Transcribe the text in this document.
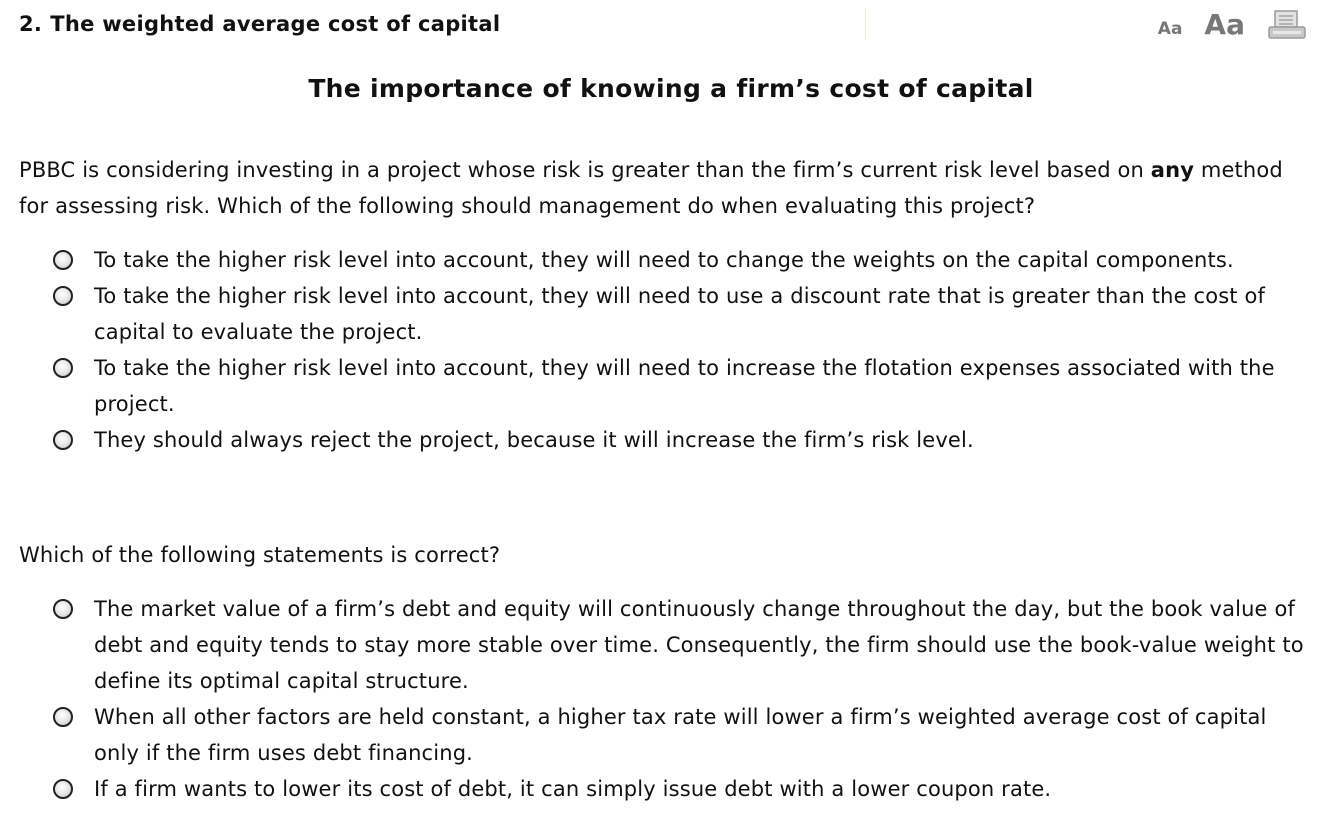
2. The weighted average cost of capital	Aa Aa
The importance of knowing a firm’s cost of capital
PBBC is considering investing in a project whose risk is greater than the firm’s current risk level based on any method for assessing risk. Which of the following should management do when evaluating this project?
To take the higher risk level into account, they will need to change the weights on the capital components.
To take the higher risk level into account, they will need to use a discount rate that is greater than the cost of capital to evaluate the project.
To take the higher risk level into account, they will need to increase the flotation expenses associated with the project.
They should always reject the project, because it will increase the firm’s risk level.
Which of the following statements is correct?
The market value of a firm’s debt and equity will continuously change throughout the day, but the book value of debt and equity tends to stay more stable over time. Consequently, the firm should use the book-value weight to define its optimal capital structure.
When all other factors are held constant, a higher tax rate will lower a firm’s weighted average cost of capital only if the firm uses debt financing.
If a firm wants to lower its cost of debt, it can simply issue debt with a lower coupon rate.
